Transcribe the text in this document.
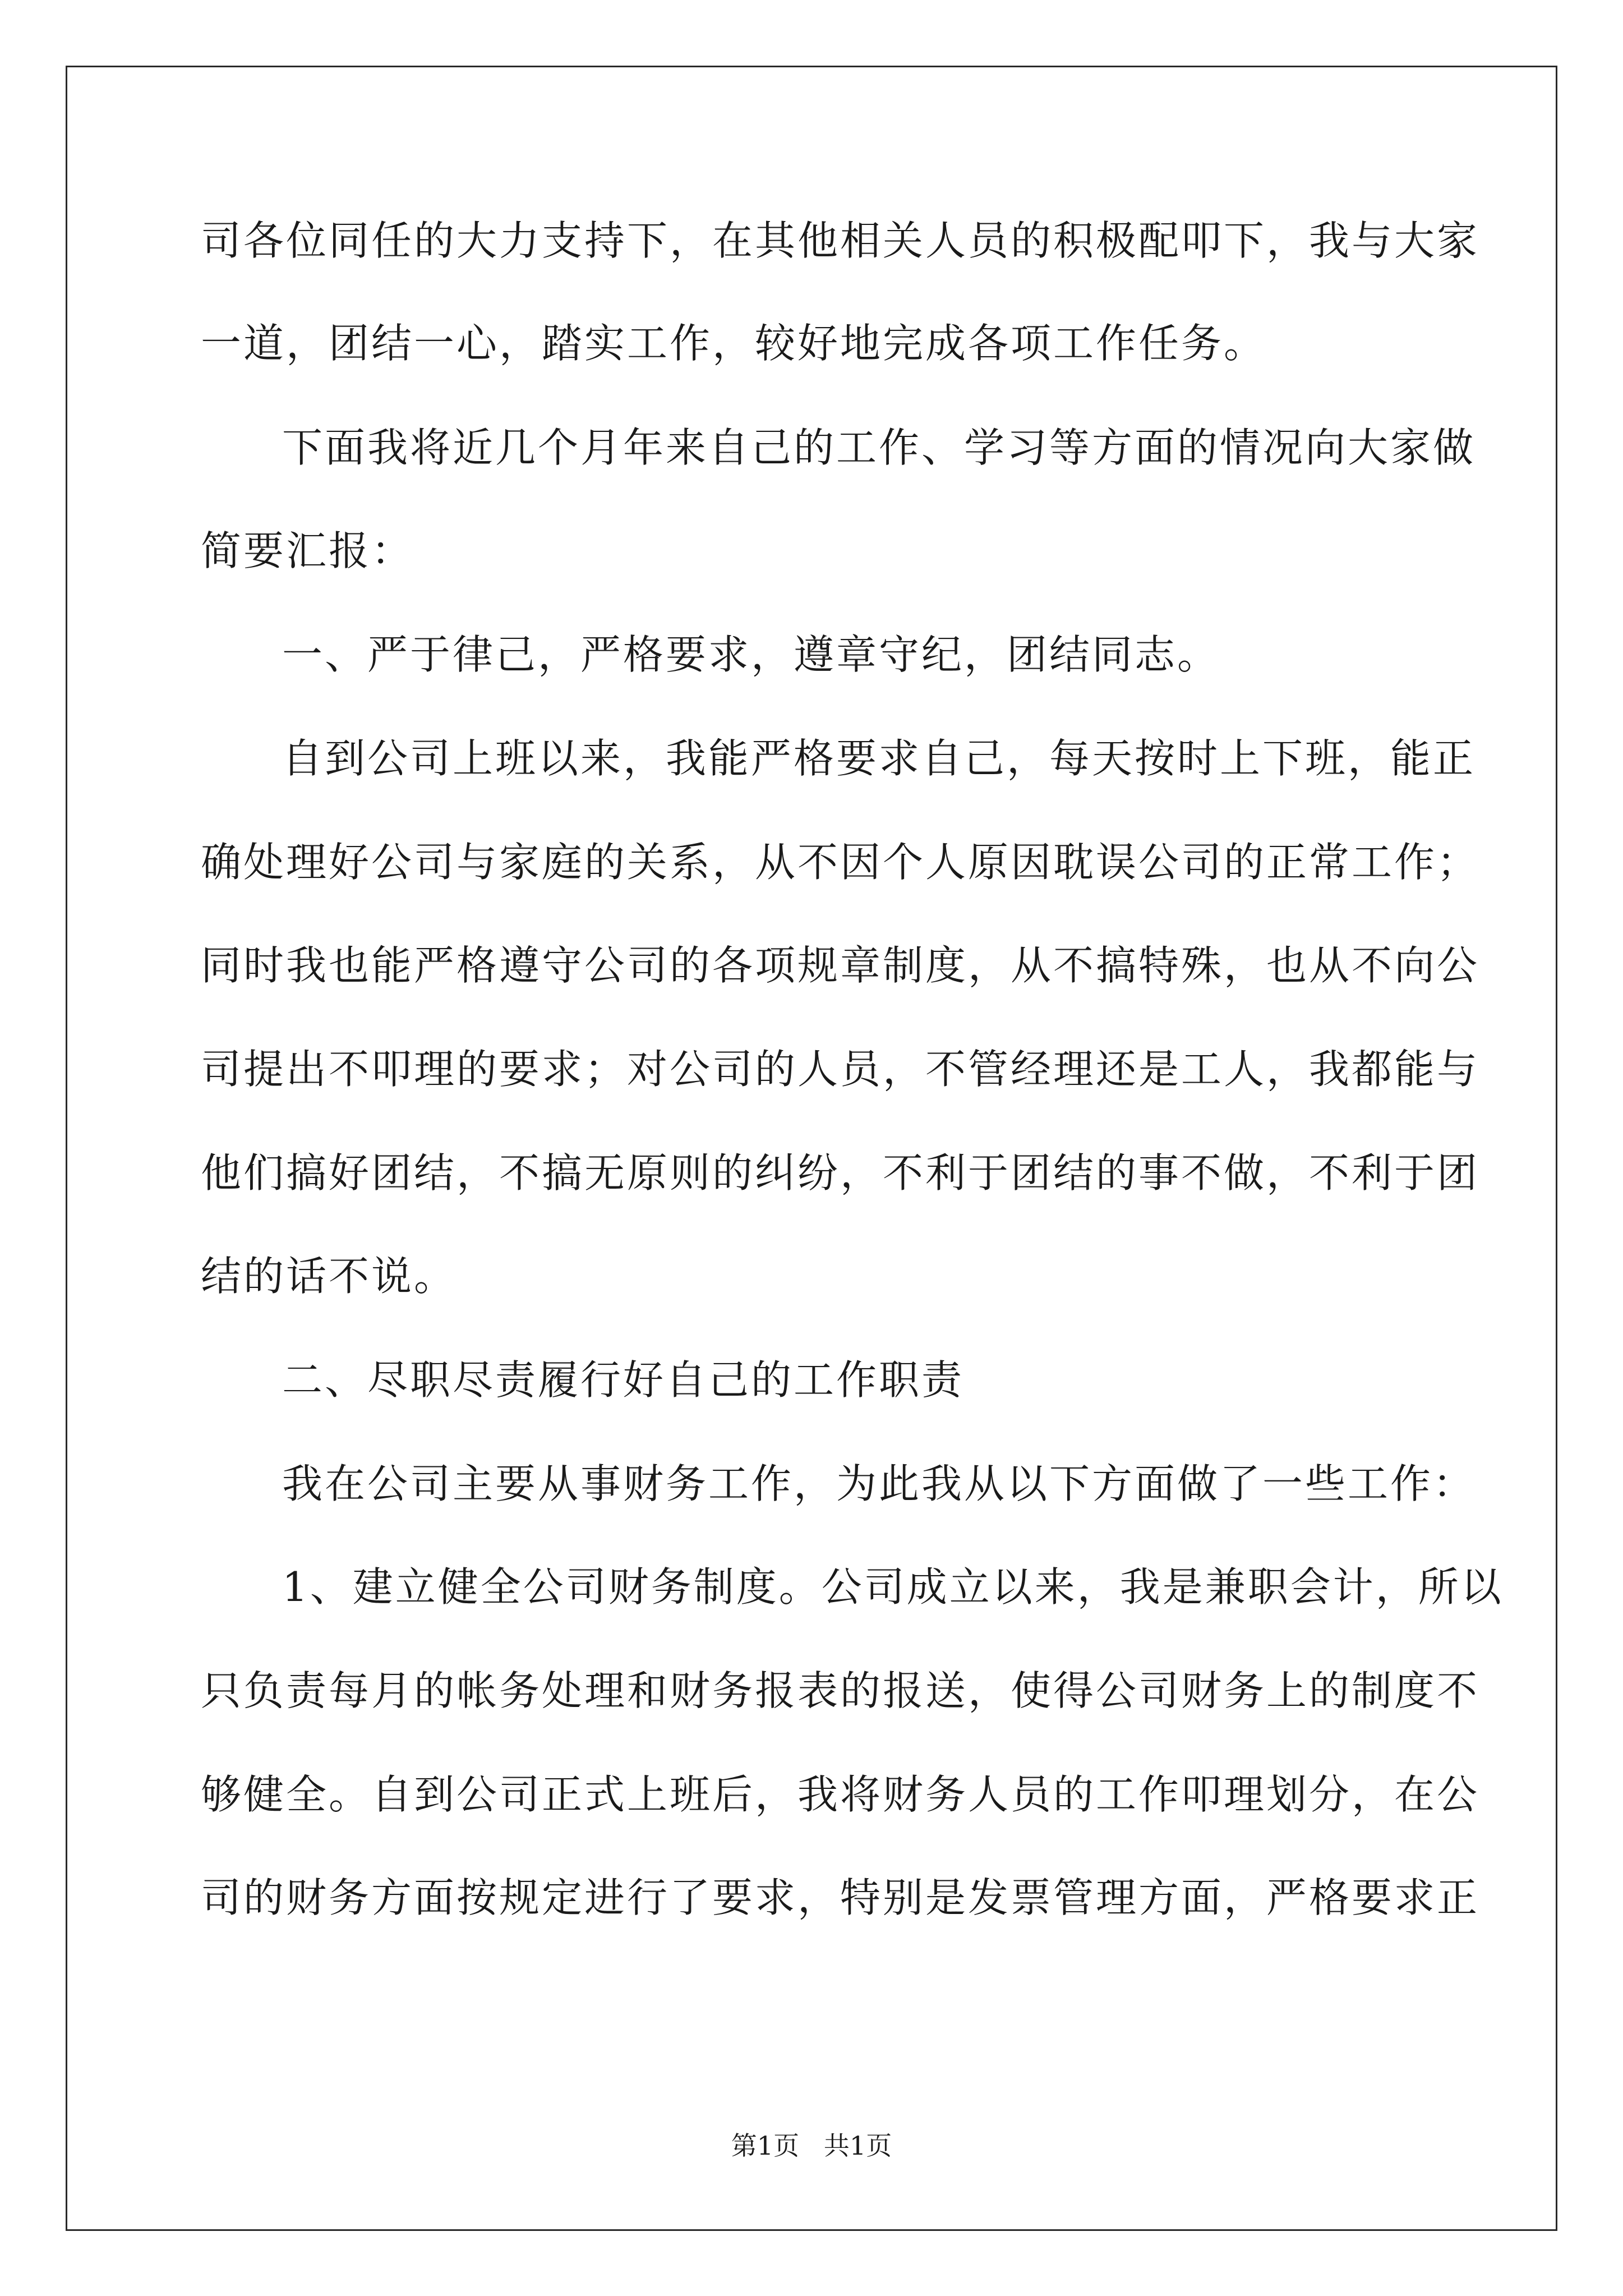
司各位同任的大力支持下，在其他相关人员的积极配叩下，我与大家
一道，团结一心，踏实工作，较好地完成各项工作任务。
下面我将近几个月年来自己的工作、学习等方面的情况向大家做
简要汇报：
一、严于律己，严格要求，遵章守纪，团结同志。
自到公司上班以来，我能严格要求自己，每天按时上下班，能正
确处理好公司与家庭的关系，从不因个人原因耽误公司的正常工作；
同时我也能严格遵守公司的各项规章制度，从不搞特殊，也从不向公
司提出不叩理的要求；对公司的人员，不管经理还是工人，我都能与
他们搞好团结，不搞无原则的纠纷，不利于团结的事不做，不利于团
结的话不说。
二、尽职尽责履行好自己的工作职责
我在公司主要从事财务工作，为此我从以下方面做了一些工作：
1、建立健全公司财务制度。公司成立以来，我是兼职会计，所以
只负责每月的帐务处理和财务报表的报送，使得公司财务上的制度不
够健全。自到公司正式上班后，我将财务人员的工作叩理划分，在公
司的财务方面按规定进行了要求，特别是发票管理方面，严格要求正
第1页   共1页
